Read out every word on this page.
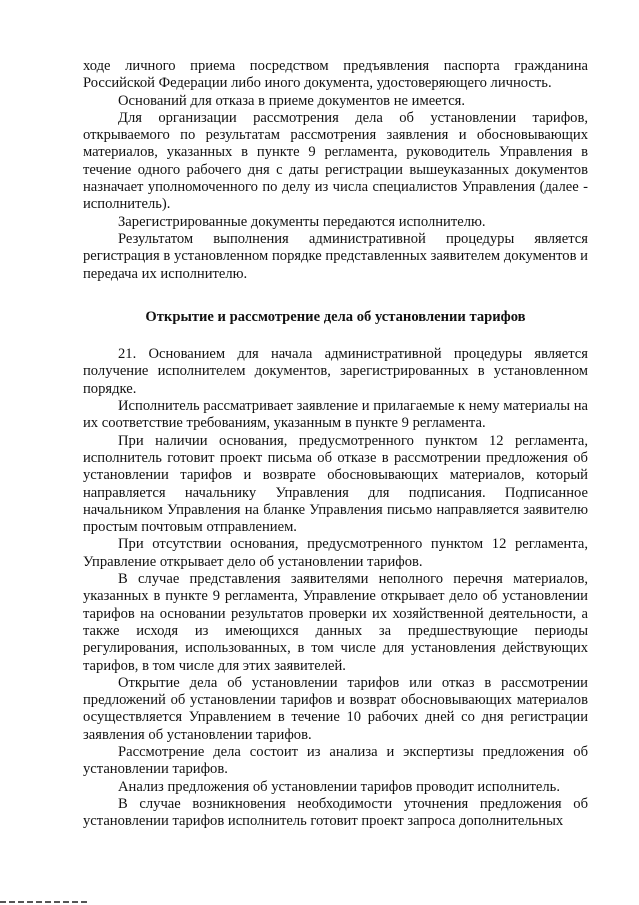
ходе личного приема посредством предъявления паспорта гражданина Российской Федерации либо иного документа, удостоверяющего личность.

Оснований для отказа в приеме документов не имеется.

Для организации рассмотрения дела об установлении тарифов, открываемого по результатам рассмотрения заявления и обосновывающих материалов, указанных в пункте 9 регламента, руководитель Управления в течение одного рабочего дня с даты регистрации вышеуказанных документов назначает уполномоченного по делу из числа специалистов Управления (далее - исполнитель).

Зарегистрированные документы передаются исполнителю.

Результатом выполнения административной процедуры является регистрация в установленном порядке представленных заявителем документов и передача их исполнителю.

Открытие и рассмотрение дела об установлении тарифов

21. Основанием для начала административной процедуры является получение исполнителем документов, зарегистрированных в установленном порядке.

Исполнитель рассматривает заявление и прилагаемые к нему материалы на их соответствие требованиям, указанным в пункте 9 регламента.

При наличии основания, предусмотренного пунктом 12 регламента, исполнитель готовит проект письма об отказе в рассмотрении предложения об установлении тарифов и возврате обосновывающих материалов, который направляется начальнику Управления для подписания. Подписанное начальником Управления на бланке Управления письмо направляется заявителю простым почтовым отправлением.

При отсутствии основания, предусмотренного пунктом 12 регламента, Управление открывает дело об установлении тарифов.

В случае представления заявителями неполного перечня материалов, указанных в пункте 9 регламента, Управление открывает дело об установлении тарифов на основании результатов проверки их хозяйственной деятельности, а также исходя из имеющихся данных за предшествующие периоды регулирования, использованных, в том числе для установления действующих тарифов, в том числе для этих заявителей.

Открытие дела об установлении тарифов или отказ в рассмотрении предложений об установлении тарифов и возврат обосновывающих материалов осуществляется Управлением в течение 10 рабочих дней со дня регистрации заявления об установлении тарифов.

Рассмотрение дела состоит из анализа и экспертизы предложения об установлении тарифов.

Анализ предложения об установлении тарифов проводит исполнитель.

В случае возникновения необходимости уточнения предложения об установлении тарифов исполнитель готовит проект запроса дополнительных
